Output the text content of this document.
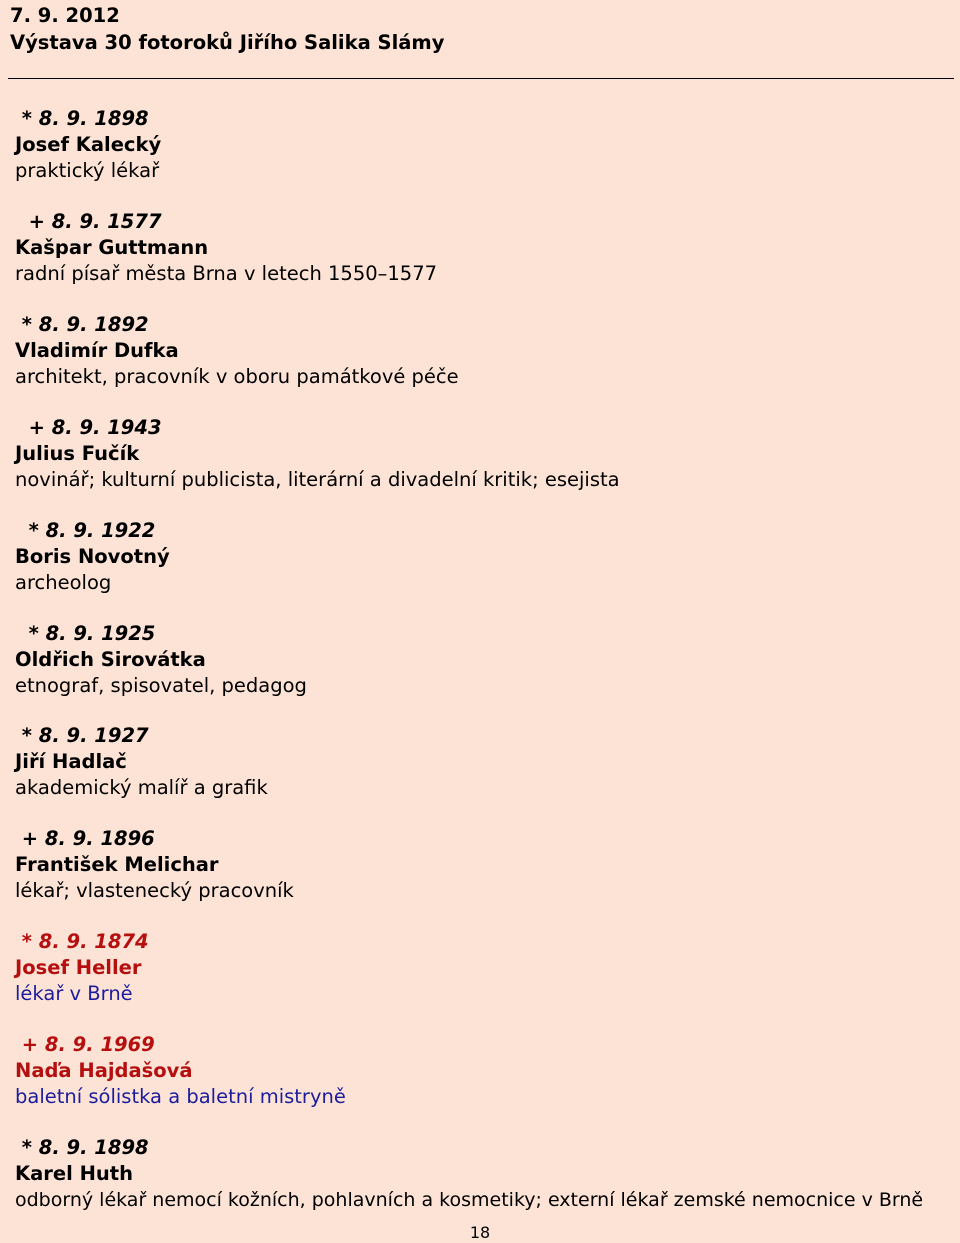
7. 9. 2012
Výstava 30 fotoroků Jiřího Salika Slámy
* 8. 9. 1898
Josef Kalecký
praktický lékař
+ 8. 9. 1577
Kašpar Guttmann
radní písař města Brna v letech 1550–1577
* 8. 9. 1892
Vladimír Dufka
architekt, pracovník v oboru památkové péče
+ 8. 9. 1943
Julius Fučík
novinář; kulturní publicista, literární a divadelní kritik; esejista
* 8. 9. 1922
Boris Novotný
archeolog
* 8. 9. 1925
Oldřich Sirovátka
etnograf, spisovatel, pedagog
* 8. 9. 1927
Jiří Hadlač
akademický malíř a grafik
+ 8. 9. 1896
František Melichar
lékař; vlastenecký pracovník
* 8. 9. 1874
Josef Heller
lékař v Brně
+ 8. 9. 1969
Naďa Hajdašová
baletní sólistka a baletní mistryně
* 8. 9. 1898
Karel Huth
odborný lékař nemocí kožních, pohlavních a kosmetiky; externí lékař zemské nemocnice v Brně
18
